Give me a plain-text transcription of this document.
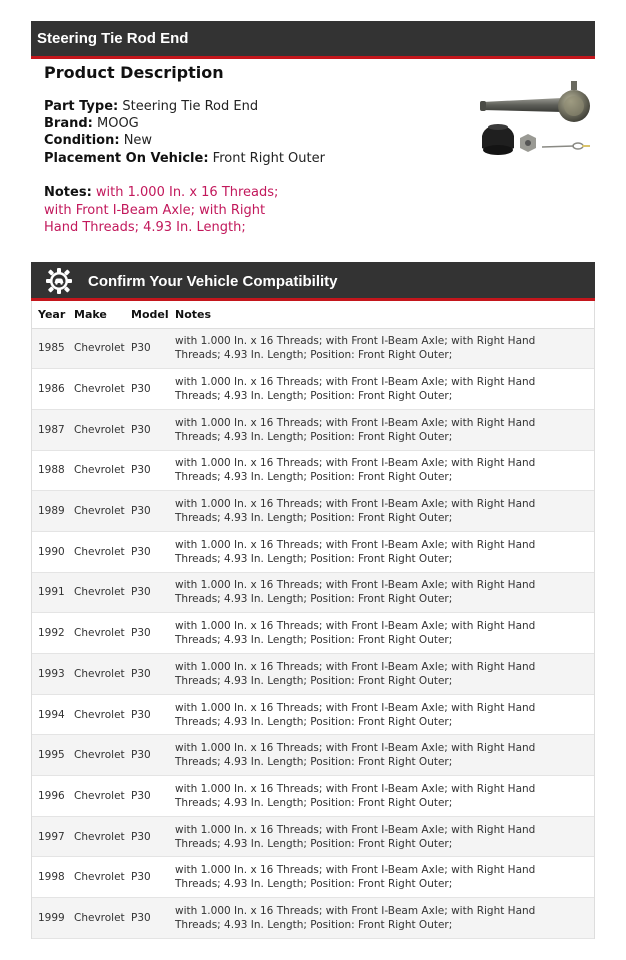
Steering Tie Rod End
Product Description
Part Type: Steering Tie Rod End
Brand: MOOG
Condition: New
Placement On Vehicle: Front Right Outer
Notes: with 1.000 In. x 16 Threads; with Front I-Beam Axle; with Right Hand Threads; 4.93 In. Length;
Confirm Your Vehicle Compatibility
Year	Make	Model	Notes
1985	Chevrolet	P30	with 1.000 In. x 16 Threads; with Front I-Beam Axle; with Right Hand Threads; 4.93 In. Length; Position: Front Right Outer;
1986	Chevrolet	P30	with 1.000 In. x 16 Threads; with Front I-Beam Axle; with Right Hand Threads; 4.93 In. Length; Position: Front Right Outer;
1987	Chevrolet	P30	with 1.000 In. x 16 Threads; with Front I-Beam Axle; with Right Hand Threads; 4.93 In. Length; Position: Front Right Outer;
1988	Chevrolet	P30	with 1.000 In. x 16 Threads; with Front I-Beam Axle; with Right Hand Threads; 4.93 In. Length; Position: Front Right Outer;
1989	Chevrolet	P30	with 1.000 In. x 16 Threads; with Front I-Beam Axle; with Right Hand Threads; 4.93 In. Length; Position: Front Right Outer;
1990	Chevrolet	P30	with 1.000 In. x 16 Threads; with Front I-Beam Axle; with Right Hand Threads; 4.93 In. Length; Position: Front Right Outer;
1991	Chevrolet	P30	with 1.000 In. x 16 Threads; with Front I-Beam Axle; with Right Hand Threads; 4.93 In. Length; Position: Front Right Outer;
1992	Chevrolet	P30	with 1.000 In. x 16 Threads; with Front I-Beam Axle; with Right Hand Threads; 4.93 In. Length; Position: Front Right Outer;
1993	Chevrolet	P30	with 1.000 In. x 16 Threads; with Front I-Beam Axle; with Right Hand Threads; 4.93 In. Length; Position: Front Right Outer;
1994	Chevrolet	P30	with 1.000 In. x 16 Threads; with Front I-Beam Axle; with Right Hand Threads; 4.93 In. Length; Position: Front Right Outer;
1995	Chevrolet	P30	with 1.000 In. x 16 Threads; with Front I-Beam Axle; with Right Hand Threads; 4.93 In. Length; Position: Front Right Outer;
1996	Chevrolet	P30	with 1.000 In. x 16 Threads; with Front I-Beam Axle; with Right Hand Threads; 4.93 In. Length; Position: Front Right Outer;
1997	Chevrolet	P30	with 1.000 In. x 16 Threads; with Front I-Beam Axle; with Right Hand Threads; 4.93 In. Length; Position: Front Right Outer;
1998	Chevrolet	P30	with 1.000 In. x 16 Threads; with Front I-Beam Axle; with Right Hand Threads; 4.93 In. Length; Position: Front Right Outer;
1999	Chevrolet	P30	with 1.000 In. x 16 Threads; with Front I-Beam Axle; with Right Hand Threads; 4.93 In. Length; Position: Front Right Outer;
